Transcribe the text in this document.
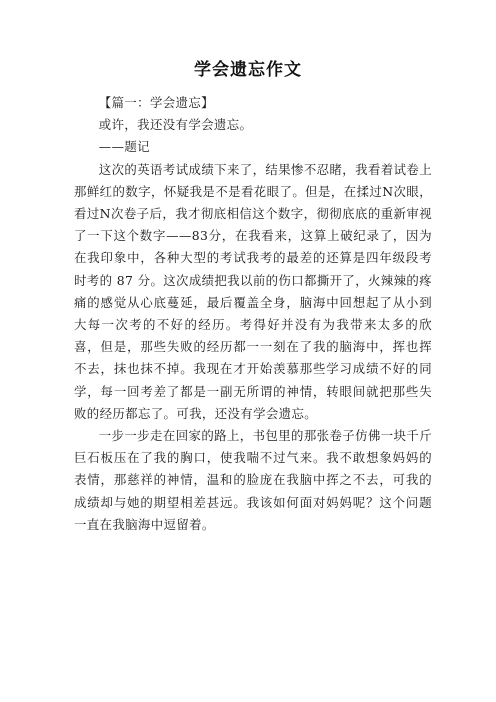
学会遗忘作文

【篇一：学会遗忘】

或许，我还没有学会遗忘。

——题记

这次的英语考试成绩下来了，结果惨不忍睹，我看着试卷上那鲜红的数字，怀疑我是不是看花眼了。但是，在揉过N次眼，看过N次卷子后，我才彻底相信这个数字，彻彻底底的重新审视了一下这个数字——83分，在我看来，这算上破纪录了，因为在我印象中，各种大型的考试我考的最差的还算是四年级段考时考的 87 分。这次成绩把我以前的伤口都撕开了，火辣辣的疼痛的感觉从心底蔓延，最后覆盖全身，脑海中回想起了从小到大每一次考的不好的经历。考得好并没有为我带来太多的欣喜，但是，那些失败的经历都一一刻在了我的脑海中，挥也挥不去，抹也抹不掉。我现在才开始羡慕那些学习成绩不好的同学，每一回考差了都是一副无所谓的神情，转眼间就把那些失败的经历都忘了。可我，还没有学会遗忘。

一步一步走在回家的路上，书包里的那张卷子仿佛一块千斤巨石板压在了我的胸口，使我喘不过气来。我不敢想象妈妈的表情，那慈祥的神情，温和的脸庞在我脑中挥之不去，可我的成绩却与她的期望相差甚远。我该如何面对妈妈呢？这个问题一直在我脑海中逗留着。
